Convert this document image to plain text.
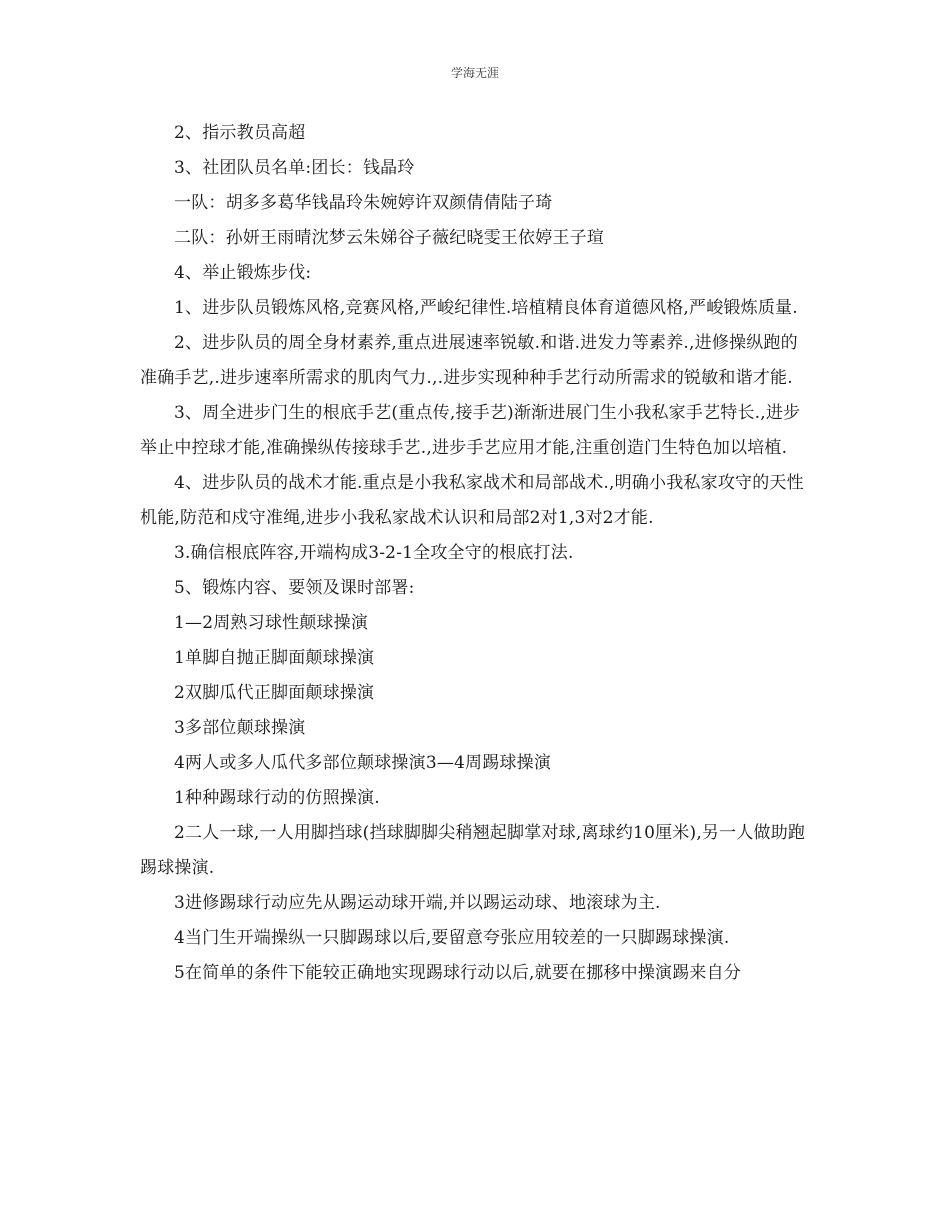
学海无涯

2、指示教员高超

3、社团队员名单:团长：钱晶玲

一队：胡多多葛华钱晶玲朱婉婷许双颜倩倩陆子琦

二队：孙妍王雨晴沈梦云朱娣谷子薇纪晓雯王依婷王子瑄

4、举止锻炼步伐:

1、进步队员锻炼风格,竞赛风格,严峻纪律性.培植精良体育道德风格,严峻锻炼质量.

2、进步队员的周全身材素养,重点进展速率锐敏.和谐.进发力等素养.,进修操纵跑的准确手艺,.进步速率所需求的肌肉气力.,.进步实现种种手艺行动所需求的锐敏和谐才能.

3、周全进步门生的根底手艺(重点传,接手艺)渐渐进展门生小我私家手艺特长.,进步举止中控球才能,准确操纵传接球手艺.,进步手艺应用才能,注重创造门生特色加以培植.

4、进步队员的战术才能.重点是小我私家战术和局部战术.,明确小我私家攻守的天性机能,防范和戍守准绳,进步小我私家战术认识和局部2对1,3对2才能.

3.确信根底阵容,开端构成3-2-1全攻全守的根底打法.

5、锻炼内容、要领及课时部署:

1—2周熟习球性颠球操演

1单脚自抛正脚面颠球操演

2双脚瓜代正脚面颠球操演

3多部位颠球操演

4两人或多人瓜代多部位颠球操演3—4周踢球操演

1种种踢球行动的仿照操演.

2二人一球,一人用脚挡球(挡球脚脚尖稍翘起脚掌对球,离球约10厘米),另一人做助跑踢球操演.

3进修踢球行动应先从踢运动球开端,并以踢运动球、地滚球为主.

4当门生开端操纵一只脚踢球以后,要留意夸张应用较差的一只脚踢球操演.

5在简单的条件下能较正确地实现踢球行动以后,就要在挪移中操演踢来自分
